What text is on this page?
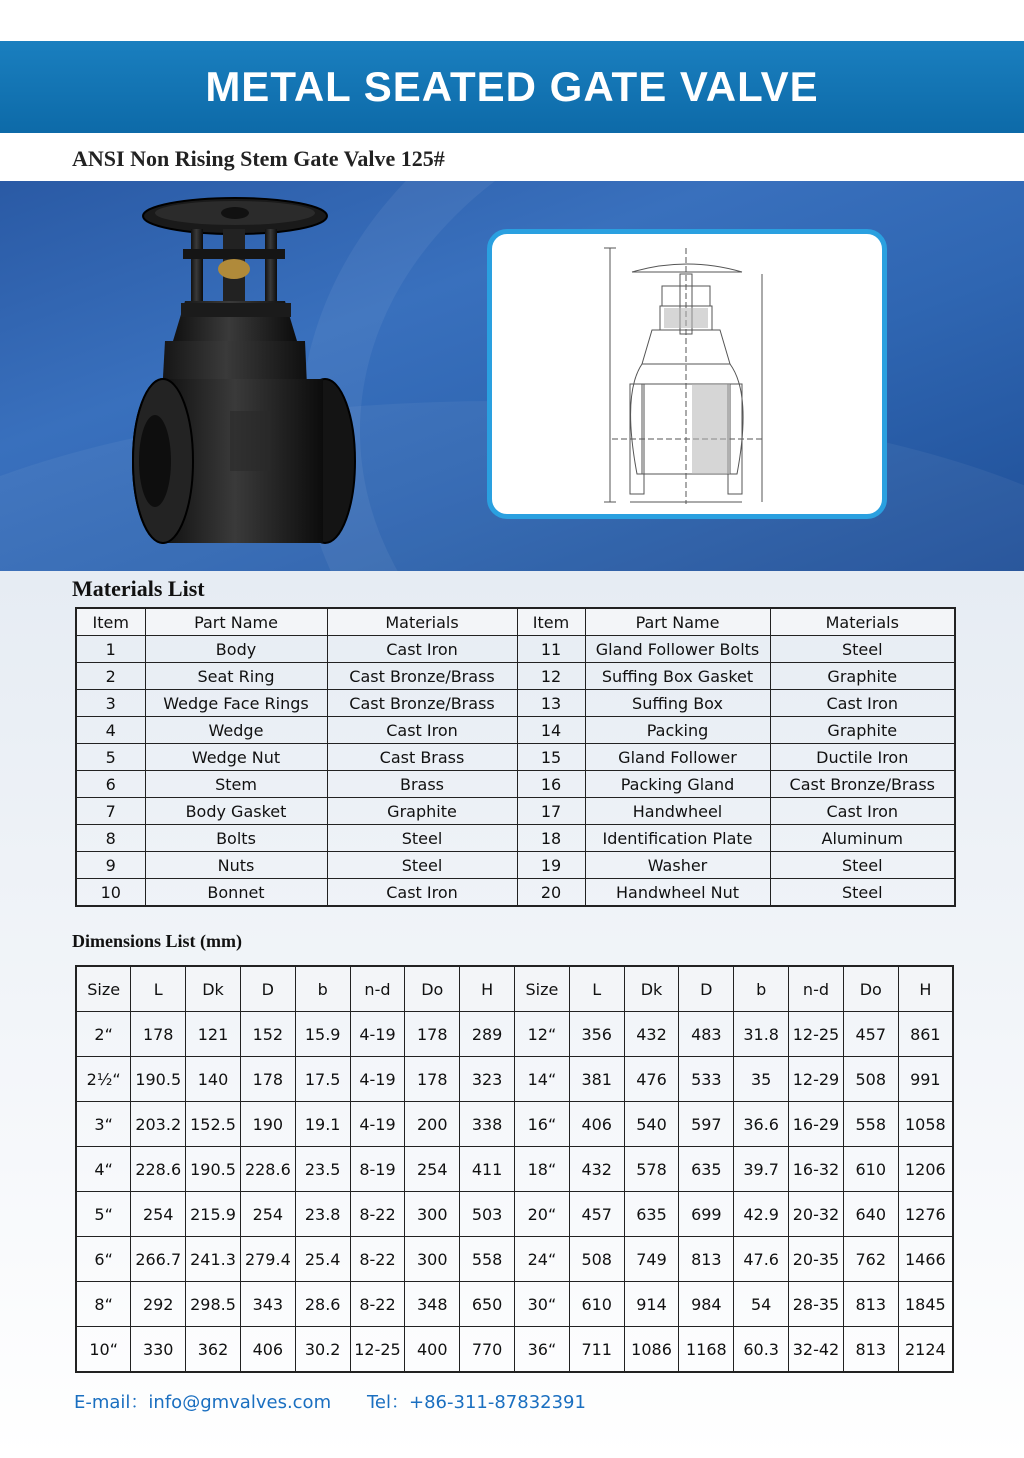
METAL SEATED GATE VALVE
ANSI Non Rising Stem Gate Valve 125#
Materials List
Item	Part Name	Materials	Item	Part Name	Materials
1	Body	Cast Iron	11	Gland Follower Bolts	Steel
2	Seat Ring	Cast Bronze/Brass	12	Suffing Box Gasket	Graphite
3	Wedge Face Rings	Cast Bronze/Brass	13	Suffing Box	Cast Iron
4	Wedge	Cast Iron	14	Packing	Graphite
5	Wedge Nut	Cast Brass	15	Gland Follower	Ductile Iron
6	Stem	Brass	16	Packing Gland	Cast Bronze/Brass
7	Body Gasket	Graphite	17	Handwheel	Cast Iron
8	Bolts	Steel	18	Identification Plate	Aluminum
9	Nuts	Steel	19	Washer	Steel
10	Bonnet	Cast Iron	20	Handwheel Nut	Steel
Dimensions List (mm)
Size	L	Dk	D	b	n-d	Do	H	Size	L	Dk	D	b	n-d	Do	H
2“	178	121	152	15.9	4-19	178	289	12“	356	432	483	31.8	12-25	457	861
2½“	190.5	140	178	17.5	4-19	178	323	14“	381	476	533	35	12-29	508	991
3“	203.2	152.5	190	19.1	4-19	200	338	16“	406	540	597	36.6	16-29	558	1058
4“	228.6	190.5	228.6	23.5	8-19	254	411	18“	432	578	635	39.7	16-32	610	1206
5“	254	215.9	254	23.8	8-22	300	503	20“	457	635	699	42.9	20-32	640	1276
6“	266.7	241.3	279.4	25.4	8-22	300	558	24“	508	749	813	47.6	20-35	762	1466
8“	292	298.5	343	28.6	8-22	348	650	30“	610	914	984	54	28-35	813	1845
10“	330	362	406	30.2	12-25	400	770	36“	711	1086	1168	60.3	32-42	813	2124
E-mail：info@gmvalves.com Tel：+86-311-87832391
